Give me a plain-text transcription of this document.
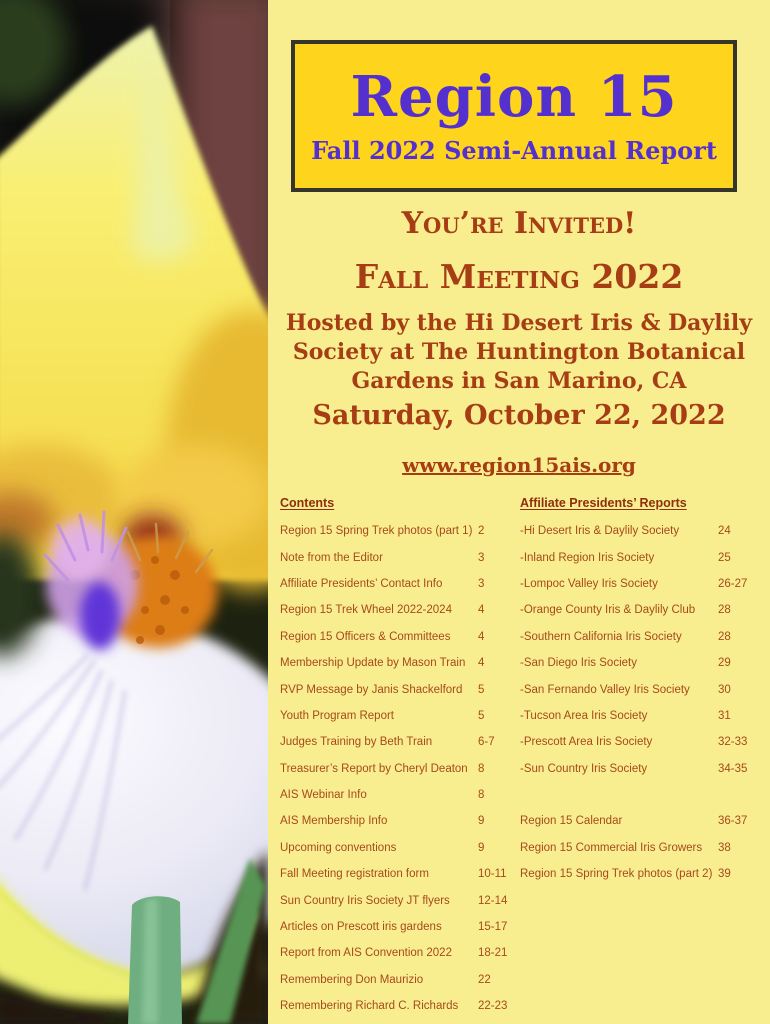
Region 15
Fall 2022 Semi-Annual Report
You’re Invited!
Fall Meeting 2022
Hosted by the Hi Desert Iris & Daylily
Society at The Huntington Botanical
Gardens in San Marino, CA
Saturday, October 22, 2022
www.region15ais.org
Contents
Region 15 Spring Trek photos (part 1) 2
Note from the Editor	3
Affiliate Presidents’ Contact Info	3
Region 15 Trek Wheel 2022-2024	4
Region 15 Officers & Committees	4
Membership Update by Mason Train	4
RVP Message by Janis Shackelford	5
Youth Program Report	5
Judges Training by Beth Train	6-7
Treasurer’s Report by Cheryl Deaton 8
AIS Webinar Info	8
AIS Membership Info	9
Upcoming conventions	9
Fall Meeting registration form	10-11
Sun Country Iris Society JT flyers	12-14
Articles on Prescott iris gardens	15-17
Report from AIS Convention 2022	18-21
Remembering Don Maurizio	22
Remembering Richard C. Richards	22-23
Affiliate Presidents’ Reports
-Hi Desert Iris & Daylily Society	24
-Inland Region Iris Society	25
-Lompoc Valley Iris Society	26-27
-Orange County Iris & Daylily Club	28
-Southern California Iris Society	28
-San Diego Iris Society	29
-San Fernando Valley Iris Society	30
-Tucson Area Iris Society	31
-Prescott Area Iris Society	32-33
-Sun Country Iris Society	34-35
Region 15 Calendar	36-37
Region 15 Commercial Iris Growers	38
Region 15 Spring Trek photos (part 2) 39
